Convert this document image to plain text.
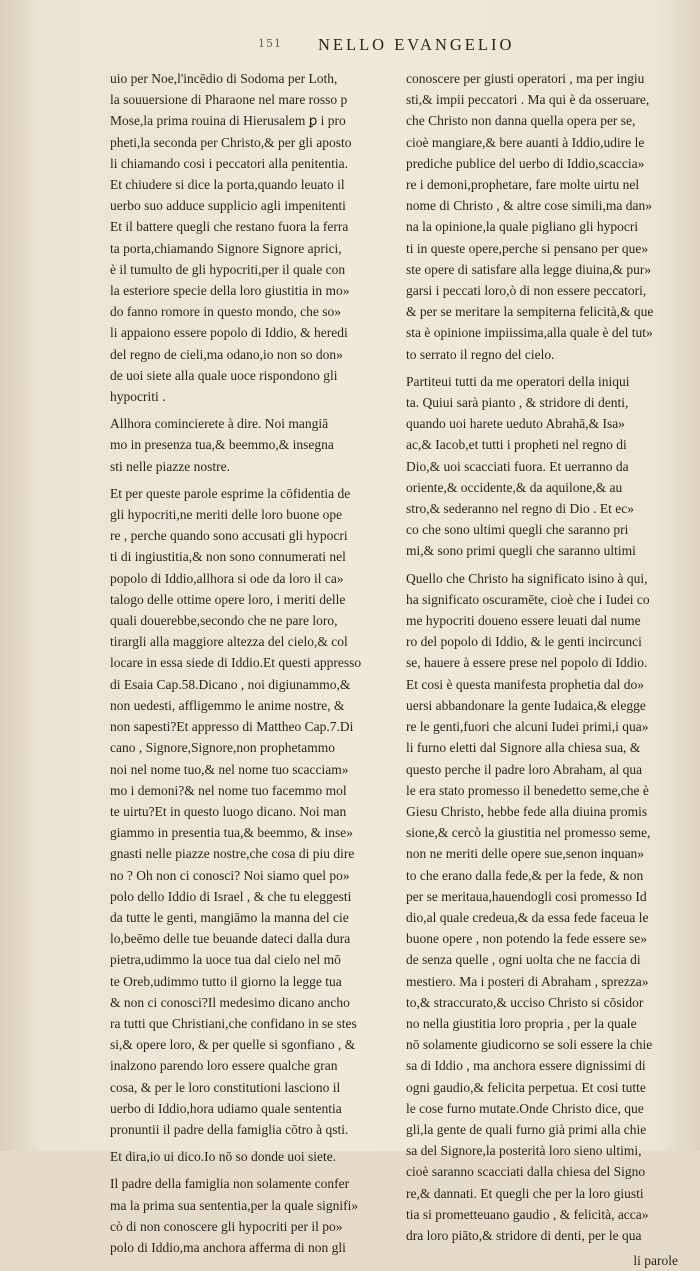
151 NELLO EVANGELIO
uio per Noe,l'incēdio di Sodoma per Loth,
la souuersione di Pharaone nel mare rosso p
Mose,la prima rouina di Hierusalem ꝑ i pro
pheti,la seconda per Christo,& per gli aposto
li chiamando cosi i peccatori alla penitentia.
Et chiudere si dice la porta,quando leuato il
uerbo suo adduce supplicio agli impenitenti
Et il battere quegli che restano fuora la ferra
ta porta,chiamando Signore Signore aprici,
è il tumulto de gli hypocriti,per il quale con
la esteriore specie della loro giustitia in mo»
do fanno romore in questo mondo, che so»
li appaiono essere popolo di Iddio, & heredi
del regno de cieli,ma odano,io non so don»
de uoi siete alla quale uoce rispondono gli
hypocriti .
Allhora comincierete à dire. Noi mangiā
mo in presenza tua,& beemmo,& insegna
sti nelle piazze nostre.
Et per queste parole esprime la cōfidentia de
gli hypocriti,ne meriti delle loro buone ope
re , perche quando sono accusati gli hypocri
ti di ingiustitia,& non sono connumerati nel
popolo di Iddio,allhora si ode da loro il ca»
talogo delle ottime opere loro, i meriti delle
quali douerebbe,secondo che ne pare loro,
tirargli alla maggiore altezza del cielo,& col
locare in essa siede di Iddio.Et questi appresso
di Esaia Cap.58.Dicano , noi digiunammo,&
non uedesti, affligemmo le anime nostre, &
non sapesti?Et appresso di Mattheo Cap.7.Di
cano , Signore,Signore,non prophetammo
noi nel nome tuo,& nel nome tuo scacciam»
mo i demoni?& nel nome tuo facemmo mol
te uirtu?Et in questo luogo dicano. Noi man
giammo in presentia tua,& beemmo, & inse»
gnasti nelle piazze nostre,che cosa di piu dire
no ? Oh non ci conosci? Noi siamo quel po»
polo dello Iddio di Israel , & che tu eleggesti
da tutte le genti, mangiāmo la manna del cie
lo,beēmo delle tue beuande dateci dalla dura
pietra,udimmo la uoce tua dal cielo nel mō
te Oreb,udimmo tutto il giorno la legge tua
& non ci conosci?Il medesimo dicano ancho
ra tutti que Christiani,che confidano in se stes
si,& opere loro, & per quelle si sgonfiano , &
inalzono parendo loro essere qualche gran
cosa, & per le loro constitutioni lasciono il
uerbo di Iddio,hora udiamo quale sententia
pronuntii il padre della famiglia cōtro à qsti.
Et dira,io ui dico.Io nō so donde uoi siete.
Il padre della famiglia non solamente confer
ma la prima sua sententia,per la quale signifi»
cò di non conoscere gli hypocriti per il po»
polo di Iddio,ma anchora afferma di non gli
conoscere per giusti operatori , ma per ingiu
sti,& impii peccatori . Ma qui è da osseruare,
che Christo non danna quella opera per se,
cioè mangiare,& bere auanti à Iddio,udire le
prediche publice del uerbo di Iddio,scaccia»
re i demoni,prophetare, fare molte uirtu nel
nome di Christo , & altre cose simili,ma dan»
na la opinione,la quale pigliano gli hypocri
ti in queste opere,perche si pensano per que»
ste opere di satisfare alla legge diuina,& pur»
garsi i peccati loro,ò di non essere peccatori,
& per se meritare la sempiterna felicità,& que
sta è opinione impiissima,alla quale è del tut»
to serrato il regno del cielo.
Partiteui tutti da me operatori della iniqui
ta. Quiui sarà pianto , & stridore di denti,
quando uoi harete ueduto Abrahā,& Isa»
ac,& Iacob,et tutti i propheti nel regno di
Dio,& uoi scacciati fuora. Et uerranno da
oriente,& occidente,& da aquilone,& au
stro,& sederanno nel regno di Dio . Et ec»
co che sono ultimi quegli che saranno pri
mi,& sono primi quegli che saranno ultimi
Quello che Christo ha significato isino à qui,
ha significato oscuramēte, cioè che i Iudei co
me hypocriti doueno essere leuati dal nume
ro del popolo di Iddio, & le genti incircunci
se, hauere à essere prese nel popolo di Iddio.
Et cosi è questa manifesta prophetia dal do»
uersi abbandonare la gente Iudaica,& elegge
re le genti,fuori che alcuni Iudei primi,i qua»
li furno eletti dal Signore alla chiesa sua, &
questo perche il padre loro Abraham, al qua
le era stato promesso il benedetto seme,che è
Giesu Christo, hebbe fede alla diuina promis
sione,& cercò la giustitia nel promesso seme,
non ne meriti delle opere sue,senon inquan»
to che erano dalla fede,& per la fede, & non
per se meritaua,hauendogli cosi promesso Id
dio,al quale credeua,& da essa fede faceua le
buone opere , non potendo la fede essere se»
de senza quelle , ogni uolta che ne faccia di
mestiero. Ma i posteri di Abraham , sprezza»
to,& straccurato,& ucciso Christo si cōsidor
no nella giustitia loro propria , per la quale
nō solamente giudicorno se soli essere la chie
sa di Iddio , ma anchora essere dignissimi di
ogni gaudio,& felicita perpetua. Et cosi tutte
le cose furno mutate.Onde Christo dice, que
gli,la gente de quali furno già primi alla chie
sa del Signore,la posterità loro sieno ultimi,
cioè saranno scacciati dalla chiesa del Signo
re,& dannati. Et quegli che per la loro giusti
tia si prometteuano gaudio , & felicità, acca»
dra loro piāto,& stridore di denti, per le qua
li parole
